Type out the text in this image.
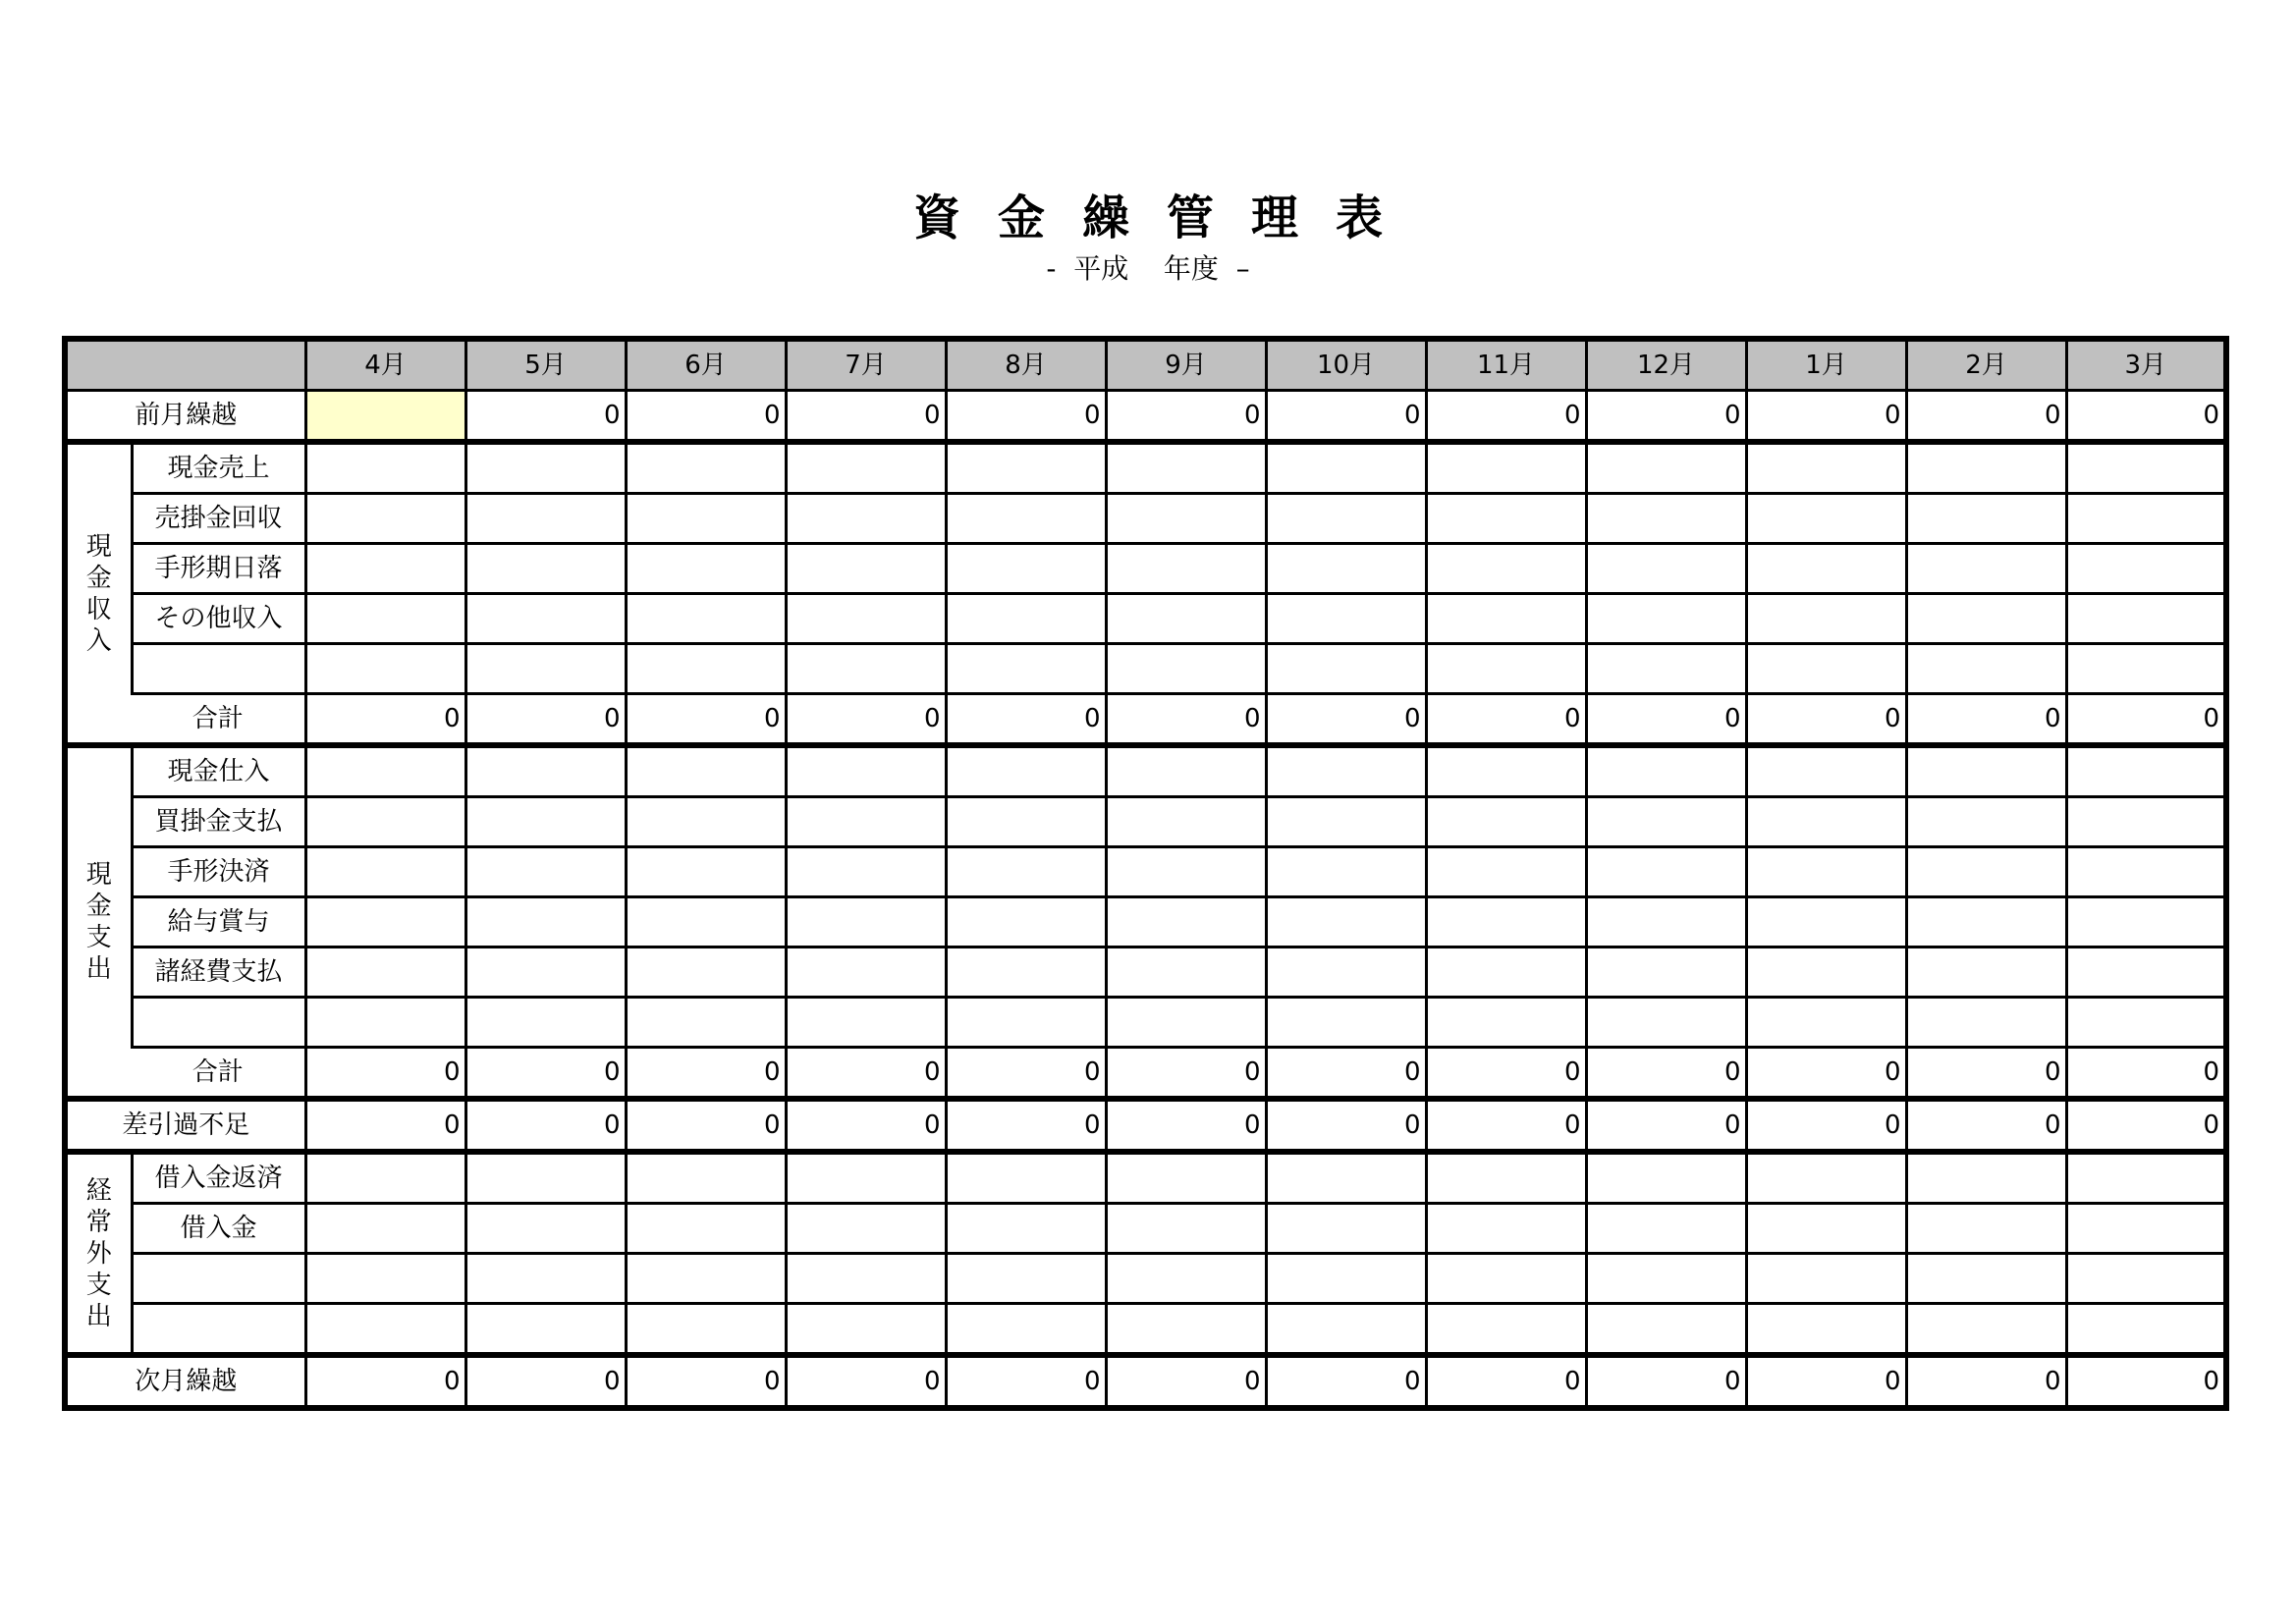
資金繰管理表
-  平成    年度  –
		4月	5月	6月	7月	8月	9月	10月	11月	12月	1月	2月	3月
前月繰越			0	0	0	0	0	0	0	0	0	0	0
現金収入	現金売上												
	売掛金回収												
	手形期日落												
	その他収入												

	合計	0	0	0	0	0	0	0	0	0	0	0	0
現金支出	現金仕入												
	買掛金支払												
	手形決済												
	給与賞与												
	諸経費支払												

	合計	0	0	0	0	0	0	0	0	0	0	0	0
差引過不足		0	0	0	0	0	0	0	0	0	0	0	0
経常外支出	借入金返済												
	借入金												

次月繰越		0	0	0	0	0	0	0	0	0	0	0	0
